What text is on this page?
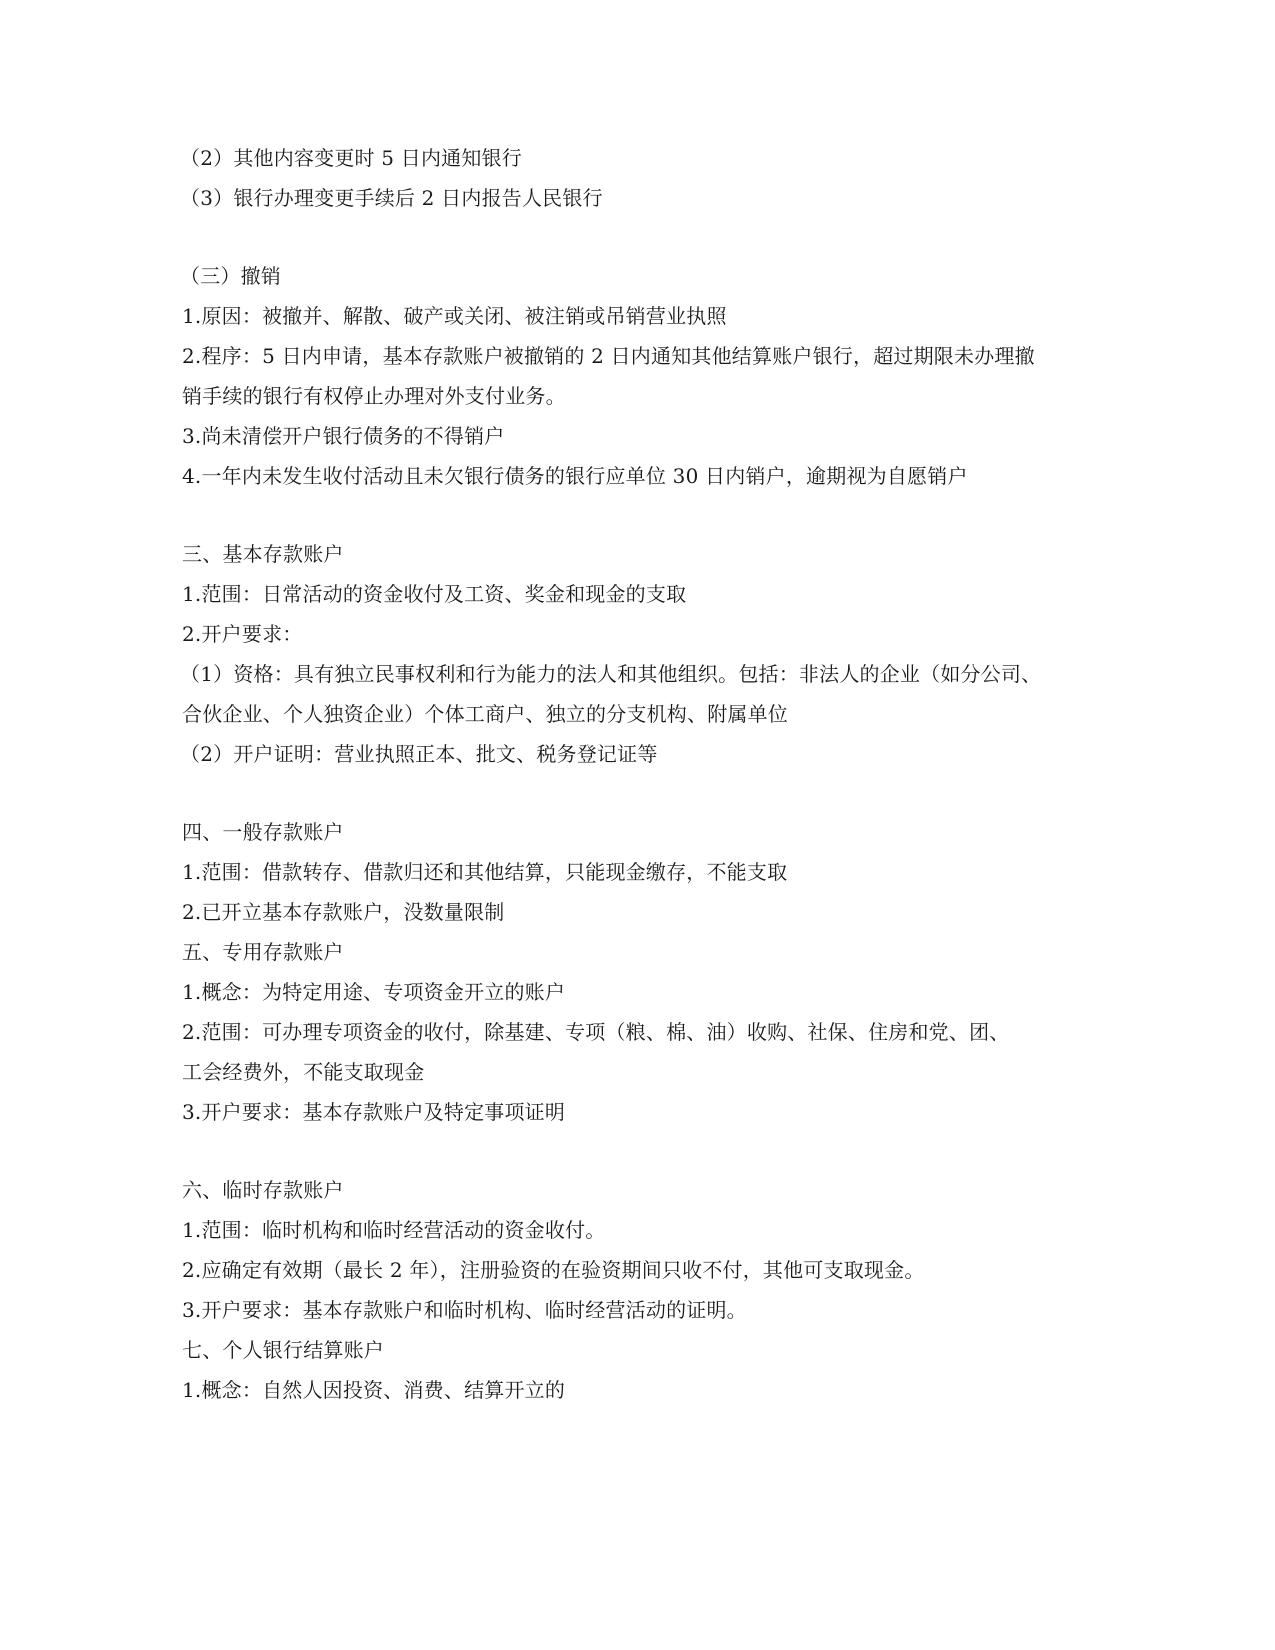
（2）其他内容变更时 5 日内通知银行
（3）银行办理变更手续后 2 日内报告人民银行
（三）撤销
1.原因：被撤并、解散、破产或关闭、被注销或吊销营业执照
2.程序：5 日内申请，基本存款账户被撤销的 2 日内通知其他结算账户银行，超过期限未办理撤
销手续的银行有权停止办理对外支付业务。
3.尚未清偿开户银行债务的不得销户
4.一年内未发生收付活动且未欠银行债务的银行应单位 30 日内销户，逾期视为自愿销户
三、基本存款账户
1.范围：日常活动的资金收付及工资、奖金和现金的支取
2.开户要求：
（1）资格：具有独立民事权利和行为能力的法人和其他组织。包括：非法人的企业（如分公司、
合伙企业、个人独资企业）个体工商户、独立的分支机构、附属单位
（2）开户证明：营业执照正本、批文、税务登记证等
四、一般存款账户
1.范围：借款转存、借款归还和其他结算，只能现金缴存，不能支取
2.已开立基本存款账户，没数量限制
五、专用存款账户
1.概念：为特定用途、专项资金开立的账户
2.范围：可办理专项资金的收付，除基建、专项（粮、棉、油）收购、社保、住房和党、团、
工会经费外，不能支取现金
3.开户要求：基本存款账户及特定事项证明
六、临时存款账户
1.范围：临时机构和临时经营活动的资金收付。
2.应确定有效期（最长 2 年），注册验资的在验资期间只收不付，其他可支取现金。
3.开户要求：基本存款账户和临时机构、临时经营活动的证明。
七、个人银行结算账户
1.概念：自然人因投资、消费、结算开立的
